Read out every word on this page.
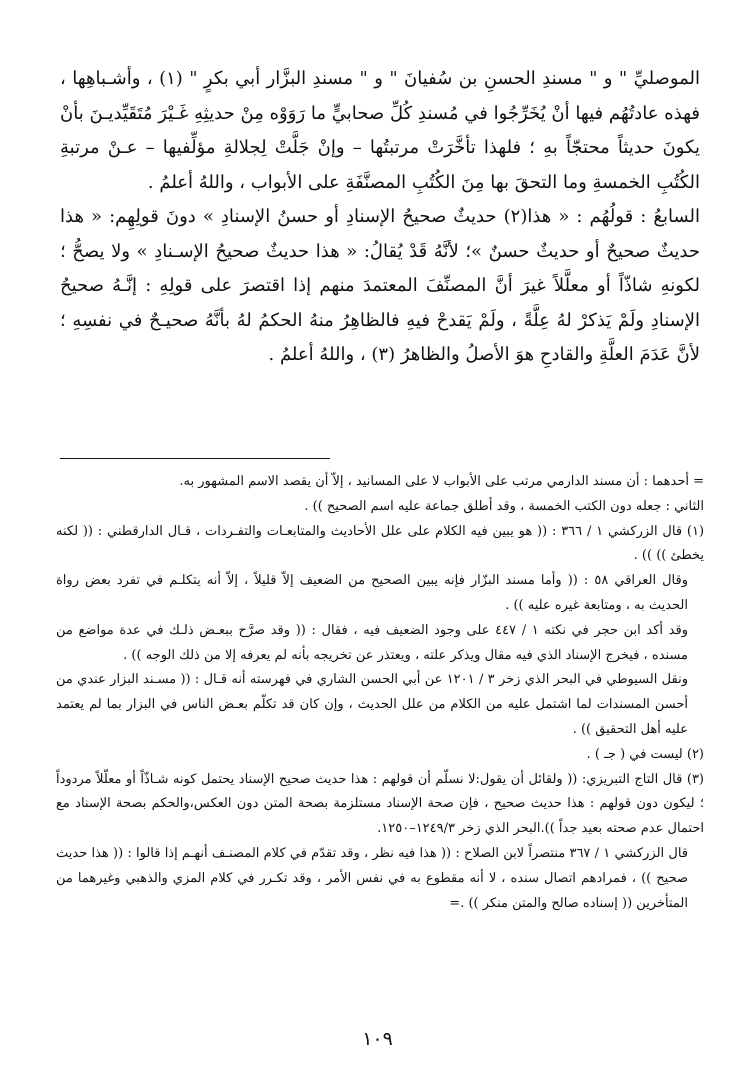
الموصليِّ " و " مسندِ الحسنِ بن سُفيانَ " و " مسندِ البزَّار أبي بكرٍ " (١) ، وأشـباهِها ، فهذه عادتُهُم فيها أنْ يُخَرِّجُوا في مُسندِ كُلِّ صحابيٍّ ما رَوَوْه مِنْ حديثِهِ غَـيْرَ مُتَقَيِّديـنَ بأنْ يكونَ حديثاً محتجّاً بهِ ؛ فلهذا تأخَّرَتْ مرتبتُها – وإنْ جَلَّتْ لِجلالةِ مؤلِّفيها – عـنْ مرتبةِ الكُتُبِ الخمسةِ وما التحقَ بها مِنَ الكُتُبِ المصنَّفَةِ على الأبواب ، واللهُ أعلمُ .

السابعُ : قولُهُم : « هذا(٢) حديثٌ صحيحُ الإسنادِ أو حسنُ الإسنادِ » دونَ قولِهِم: « هذا حديثٌ صحيحٌ أو حديثٌ حسنٌ »؛ لأنَّهُ قَدْ يُقالُ: « هذا حديثٌ صحيحُ الإسـنادِ » ولا يصحُّ ؛ لكونهِ شاذّاً أو معلَّلاً غيرَ أنَّ المصنِّفَ المعتمدَ منهم إذا اقتصرَ على قولِهِ : إنَّـهُ صحيحُ الإسنادِ ولَمْ يَذكرْ لهُ عِلَّةً ، ولَمْ يَقدحْ فيهِ فالظاهِرُ منهُ الحكمُ لهُ بأنَّهُ صحيـحٌ في نفسِهِ ؛ لأنَّ عَدَمَ العلَّةِ والقادحِ هوَ الأصلُ والظاهرُ (٣) ، واللهُ أعلمُ .

= أحدهما : أن مسند الدارمي مرتب على الأبواب لا على المسانيد ، إلاّ أن يقصد الاسم المشهور به.

الثاني : جعله دون الكتب الخمسة ، وقد أطلق جماعة عليه اسم الصحيح )) .

(١) قال الزركشي ١ / ٣٦٦ : (( هو يبين فيه الكلام على علل الأحاديث والمتابعـات والتفـردات ، قـال الدارقطني : (( لكنه يخطئ )) )) .

وقال العراقي ٥٨ : (( وأما مسند البزّار فإنه يبين الصحيح من الضعيف إلاّ قليلاً ، إلاّ أنه يتكلـم في تفرد بعض رواة الحديث به ، ومتابعة غيره عليه )) .

وقد أكد ابن حجر في نكته ١ / ٤٤٧ على وجود الضعيف فيه ، فقال : (( وقد صرَّح ببعـض ذلـك في عدة مواضع من مسنده ، فيخرج الإسناد الذي فيه مقال ويذكر علته ، ويعتذر عن تخريجه بأنه لم يعرفه إلا من ذلك الوجه )) .

ونقل السيوطي في البحر الذي زخر ٣ / ١٢٠١ عن أبي الحسن الشاري في فهرسته أنه قـال : (( مسـند البزار عندي من أحسن المسندات لما اشتمل عليه من الكلام من علل الحديث ، وإن كان قد تكلّم بعـض الناس في البزار بما لم يعتمد عليه أهل التحقيق )) .

(٢) ليست في ( جـ ) .

(٣) قال التاج التبريزي: (( ولقائل أن يقول:لا نسلّم أن قولهم : هذا حديث صحيح الإسناد يحتمل كونه شـاذّاً أو معلّلاً مردوداً ؛ ليكون دون قولهم : هذا حديث صحيح ، فإن صحة الإسناد مستلزمة بصحة المتن دون العكس،والحكم بصحة الإسناد مع احتمال عدم صحته بعيد جداً )).البحر الذي زخر ١٢٤٩/٣–١٢٥٠.

قال الزركشي ١ / ٣٦٧ منتصراً لابن الصلاح : (( هذا فيه نظر ، وقد تقدّم في كلام المصنـف أنهـم إذا قالوا : (( هذا حديث صحيح )) ، فمرادهم اتصال سنده ، لا أنه مقطوع به في نفس الأمر ، وقد تكـرر في كلام المزي والذهبي وغيرهما من المتأخرين (( إسناده صالح والمتن منكر )) .=

١٠٩
